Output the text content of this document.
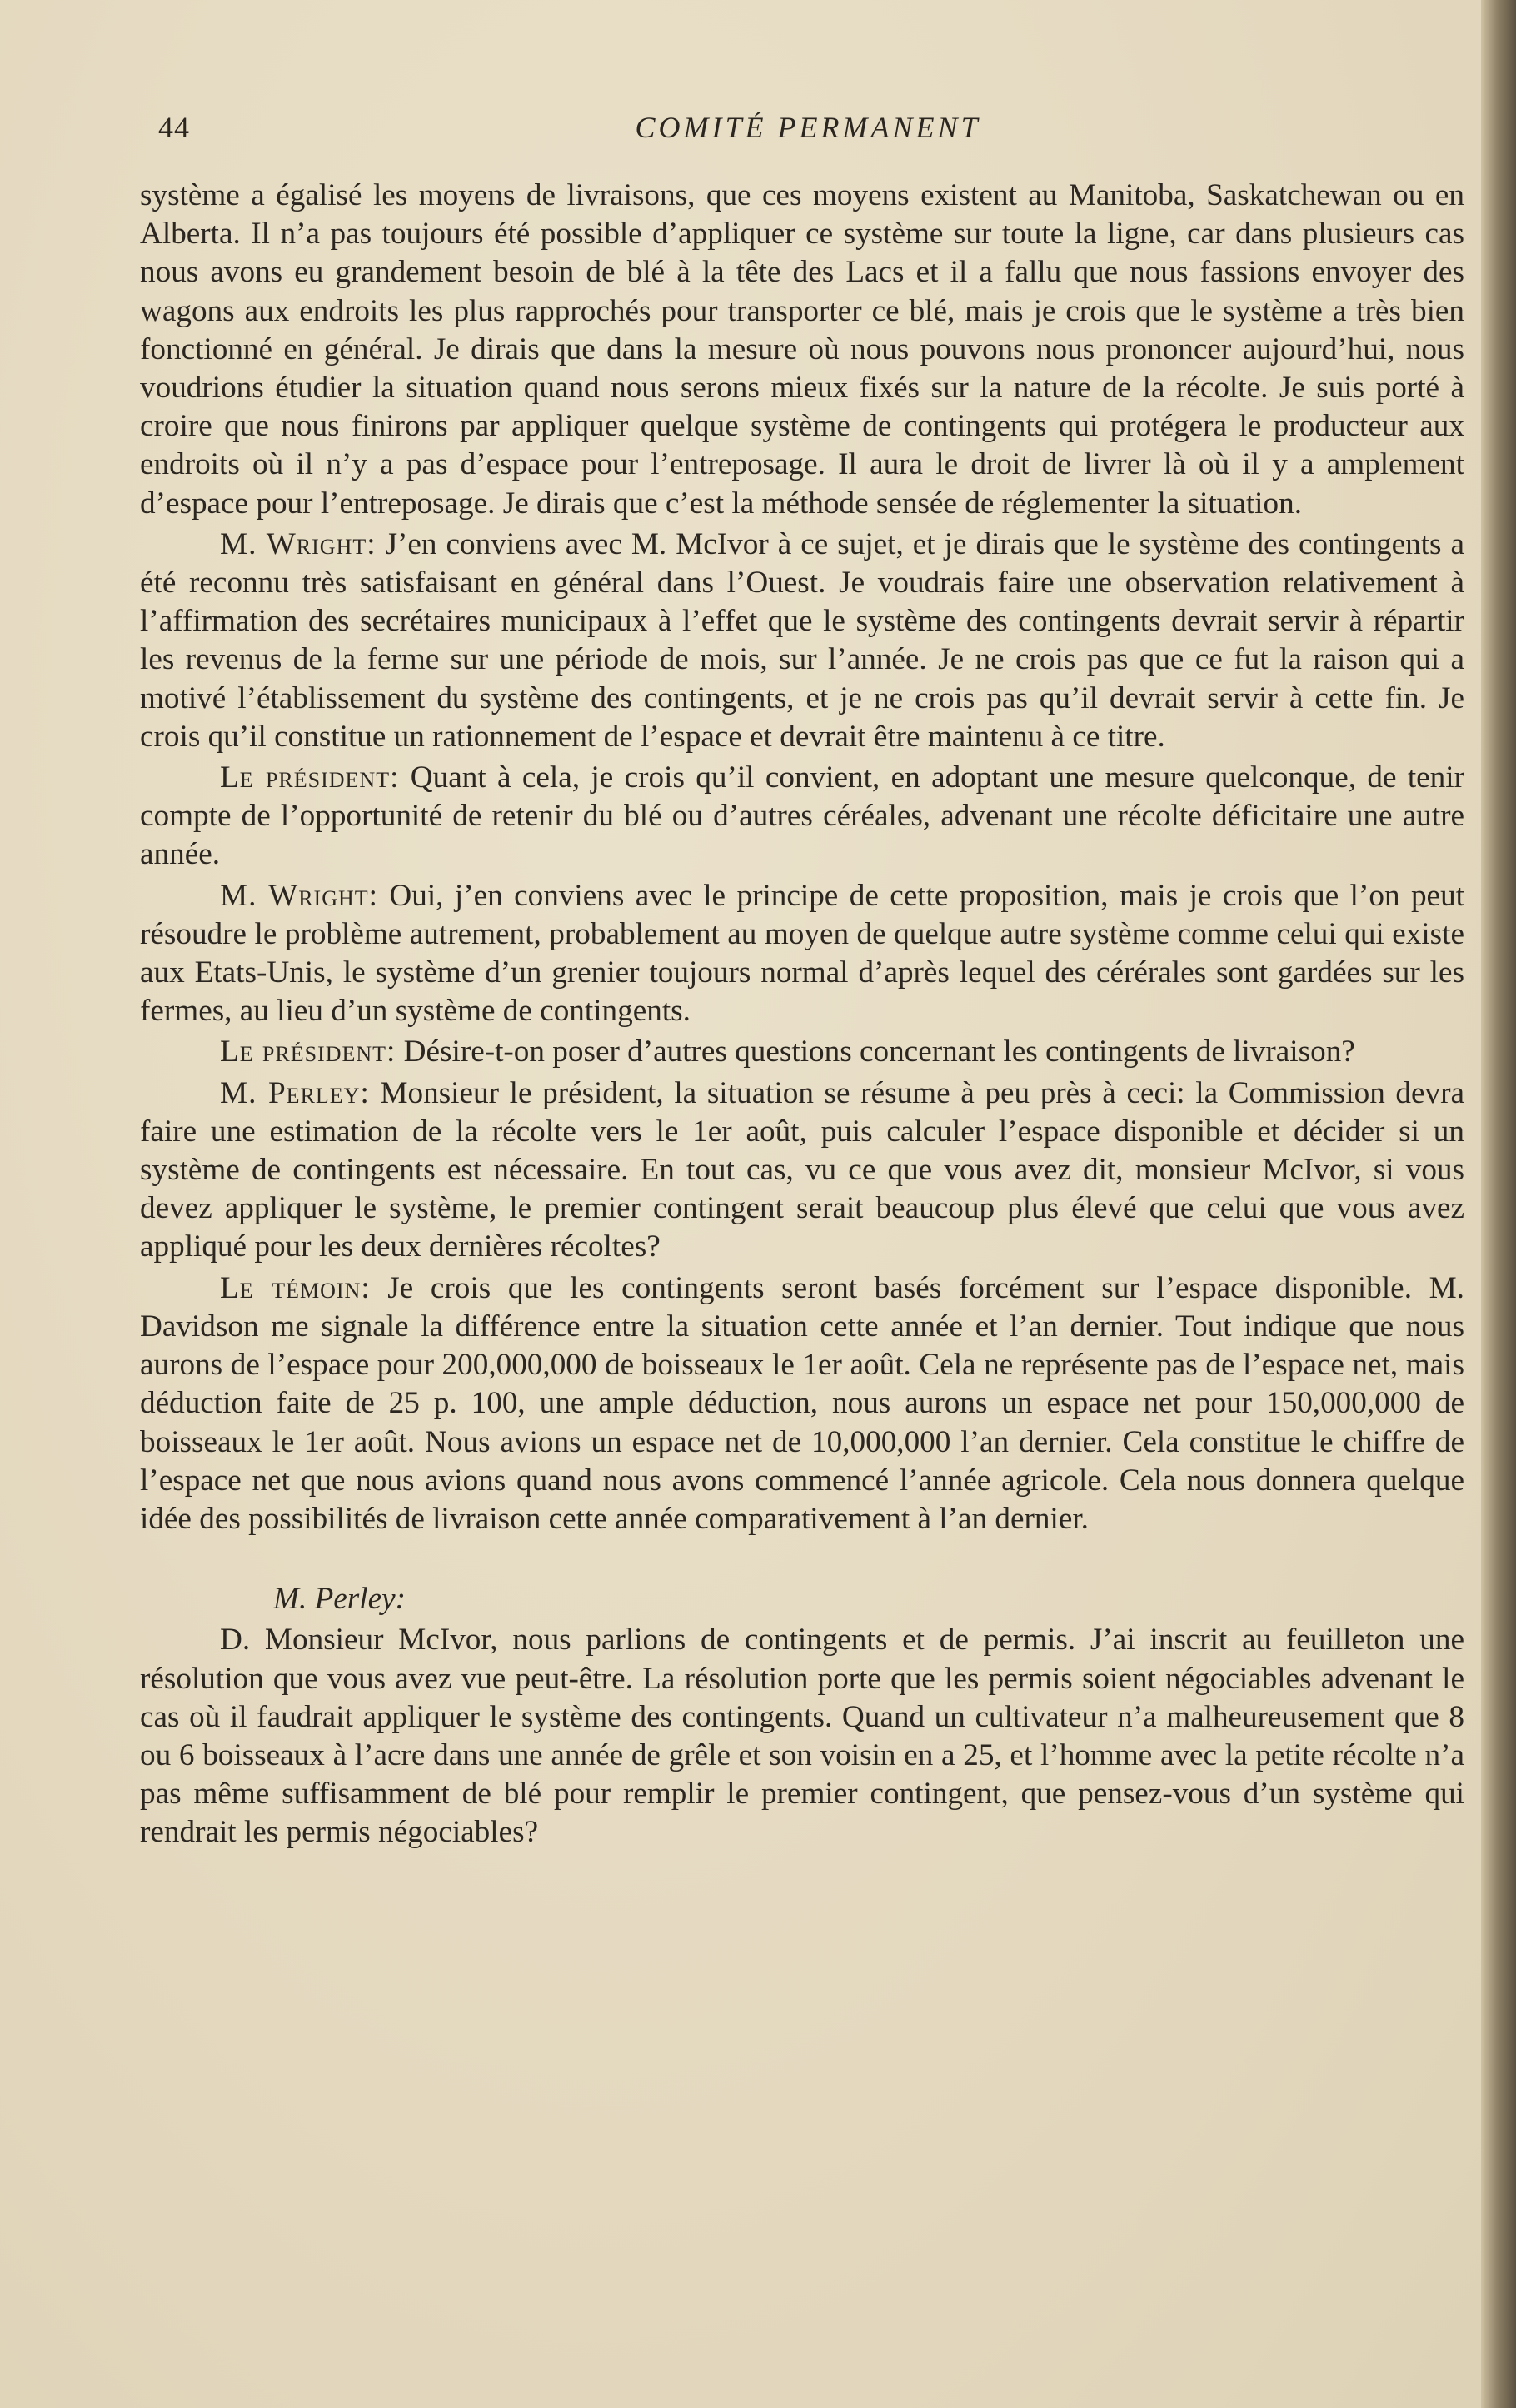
44	COMITÉ PERMANENT

système a égalisé les moyens de livraisons, que ces moyens existent au Manitoba, Saskatchewan ou en Alberta. Il n’a pas toujours été possible d’appliquer ce système sur toute la ligne, car dans plusieurs cas nous avons eu grandement besoin de blé à la tête des Lacs et il a fallu que nous fassions envoyer des wagons aux endroits les plus rapprochés pour transporter ce blé, mais je crois que le système a très bien fonctionné en général. Je dirais que dans la mesure où nous pouvons nous prononcer aujourd’hui, nous voudrions étudier la situation quand nous serons mieux fixés sur la nature de la récolte. Je suis porté à croire que nous finirons par appliquer quelque système de contingents qui protégera le producteur aux endroits où il n’y a pas d’espace pour l’entreposage. Il aura le droit de livrer là où il y a amplement d’espace pour l’entreposage. Je dirais que c’est la méthode sensée de réglementer la situation.

M. Wright: J’en conviens avec M. McIvor à ce sujet, et je dirais que le système des contingents a été reconnu très satisfaisant en général dans l’Ouest. Je voudrais faire une observation relativement à l’affirmation des secrétaires municipaux à l’effet que le système des contingents devrait servir à répartir les revenus de la ferme sur une période de mois, sur l’année. Je ne crois pas que ce fut la raison qui a motivé l’établissement du système des contingents, et je ne crois pas qu’il devrait servir à cette fin. Je crois qu’il constitue un rationnement de l’espace et devrait être maintenu à ce titre.

Le président: Quant à cela, je crois qu’il convient, en adoptant une mesure quelconque, de tenir compte de l’opportunité de retenir du blé ou d’autres céréales, advenant une récolte déficitaire une autre année.

M. Wright: Oui, j’en conviens avec le principe de cette proposition, mais je crois que l’on peut résoudre le problème autrement, probablement au moyen de quelque autre système comme celui qui existe aux Etats-Unis, le système d’un grenier toujours normal d’après lequel des cérérales sont gardées sur les fermes, au lieu d’un système de contingents.

Le président: Désire-t-on poser d’autres questions concernant les contingents de livraison?

M. Perley: Monsieur le président, la situation se résume à peu près à ceci: la Commission devra faire une estimation de la récolte vers le 1er août, puis calculer l’espace disponible et décider si un système de contingents est nécessaire. En tout cas, vu ce que vous avez dit, monsieur McIvor, si vous devez appliquer le système, le premier contingent serait beaucoup plus élevé que celui que vous avez appliqué pour les deux dernières récoltes?

Le témoin: Je crois que les contingents seront basés forcément sur l’espace disponible. M. Davidson me signale la différence entre la situation cette année et l’an dernier. Tout indique que nous aurons de l’espace pour 200,000,000 de boisseaux le 1er août. Cela ne représente pas de l’espace net, mais déduction faite de 25 p. 100, une ample déduction, nous aurons un espace net pour 150,000,000 de boisseaux le 1er août. Nous avions un espace net de 10,000,000 l’an dernier. Cela constitue le chiffre de l’espace net que nous avions quand nous avons commencé l’année agricole. Cela nous donnera quelque idée des possibilités de livraison cette année comparativement à l’an dernier.

M. Perley:

D. Monsieur McIvor, nous parlions de contingents et de permis. J’ai inscrit au feuilleton une résolution que vous avez vue peut-être. La résolution porte que les permis soient négociables advenant le cas où il faudrait appliquer le système des contingents. Quand un cultivateur n’a malheureusement que 8 ou 6 boisseaux à l’acre dans une année de grêle et son voisin en a 25, et l’homme avec la petite récolte n’a pas même suffisamment de blé pour remplir le premier contingent, que pensez-vous d’un système qui rendrait les permis négociables?
